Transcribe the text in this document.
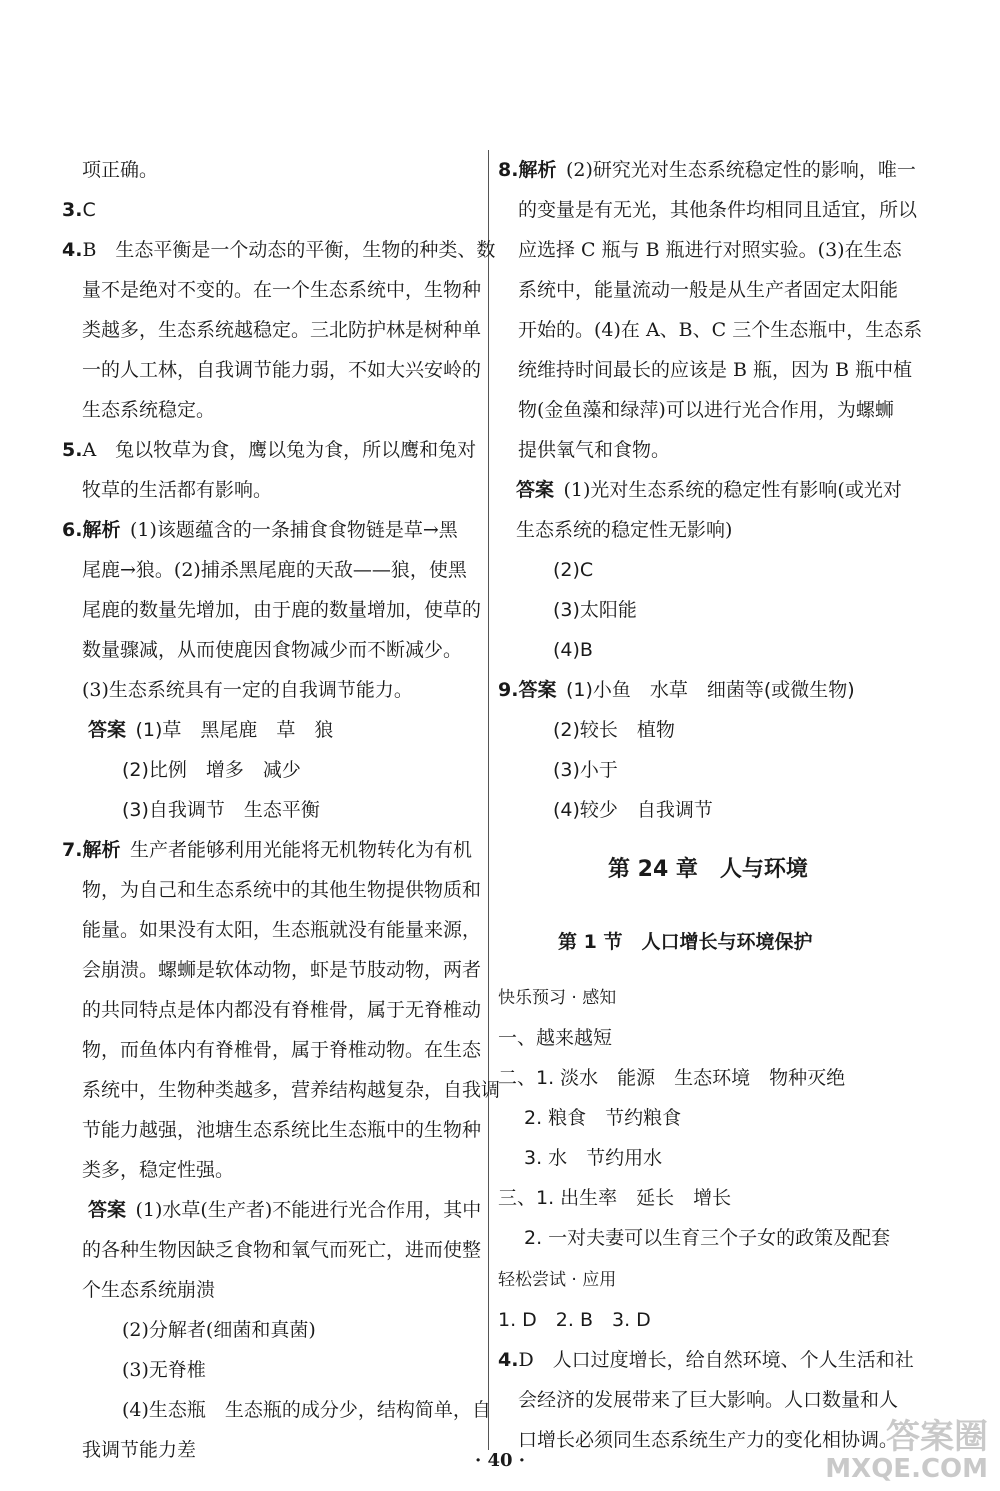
项正确。
3.C
4.B　生态平衡是一个动态的平衡，生物的种类、数
量不是绝对不变的。在一个生态系统中，生物种
类越多，生态系统越稳定。三北防护林是树种单
一的人工林，自我调节能力弱，不如大兴安岭的
生态系统稳定。
5.A　兔以牧草为食，鹰以兔为食，所以鹰和兔对
牧草的生活都有影响。
6.解析  (1)该题蕴含的一条捕食食物链是草→黑
尾鹿→狼。(2)捕杀黑尾鹿的天敌——狼，使黑
尾鹿的数量先增加，由于鹿的数量增加，使草的
数量骤减，从而使鹿因食物减少而不断减少。
(3)生态系统具有一定的自我调节能力。
答案  (1)草　黑尾鹿　草　狼
(2)比例　增多　减少
(3)自我调节　生态平衡
7.解析  生产者能够利用光能将无机物转化为有机
物，为自己和生态系统中的其他生物提供物质和
能量。如果没有太阳，生态瓶就没有能量来源，
会崩溃。螺蛳是软体动物，虾是节肢动物，两者
的共同特点是体内都没有脊椎骨，属于无脊椎动
物，而鱼体内有脊椎骨，属于脊椎动物。在生态
系统中，生物种类越多，营养结构越复杂，自我调
节能力越强，池塘生态系统比生态瓶中的生物种
类多，稳定性强。
答案  (1)水草(生产者)不能进行光合作用，其中
的各种生物因缺乏食物和氧气而死亡，进而使整
个生态系统崩溃
(2)分解者(细菌和真菌)
(3)无脊椎
(4)生态瓶　生态瓶的成分少，结构简单，自
我调节能力差
8.解析  (2)研究光对生态系统稳定性的影响，唯一
的变量是有无光，其他条件均相同且适宜，所以
应选择 C 瓶与 B 瓶进行对照实验。(3)在生态
系统中，能量流动一般是从生产者固定太阳能
开始的。(4)在 A、B、C 三个生态瓶中，生态系
统维持时间最长的应该是 B 瓶，因为 B 瓶中植
物(金鱼藻和绿萍)可以进行光合作用，为螺蛳
提供氧气和食物。
答案  (1)光对生态系统的稳定性有影响(或光对
生态系统的稳定性无影响)
(2)C
(3)太阳能
(4)B
9.答案  (1)小鱼　水草　细菌等(或微生物)
(2)较长　植物
(3)小于
(4)较少　自我调节
第 24 章　人与环境
第 1 节　人口增长与环境保护
快乐预习 · 感知
一、越来越短
二、1. 淡水　能源　生态环境　物种灭绝
2. 粮食　节约粮食
3. 水　节约用水
三、1. 出生率　延长　增长
2. 一对夫妻可以生育三个子女的政策及配套
轻松尝试 · 应用
1. D　2. B　3. D
4.D　人口过度增长，给自然环境、个人生活和社
会经济的发展带来了巨大影响。人口数量和人
口增长必须同生态系统生产力的变化相协调。
· 40 ·
答案圈
MXQE.COM
